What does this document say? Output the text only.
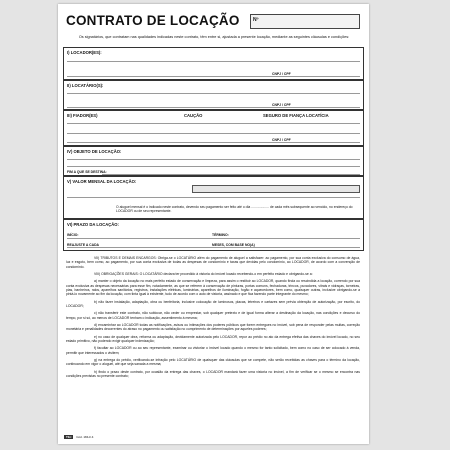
CONTRATO DE LOCAÇÃO	Nº
Os signatários, que contratam nas qualidades indicadas neste contrato, têm entre si, ajustada a presente locação, mediante as seguintes cláusulas e condições:
I) LOCADOR(ES):
CNPJ / CPF
II) LOCATÁRIO(S):
CNPJ / CPF
III) FIADOR(ES)	CAUÇÃO	SEGURO DE FIANÇA LOCATÍCIA
CNPJ / CPF
IV) OBJETO DE LOCAÇÃO:
FIM A QUE SE DESTINA:
V) VALOR MENSAL DA LOCAÇÃO:
O aluguel mensal é o indicado neste contrato, devendo seu pagamento ser feito até o dia ................... de cada mês subsequente ao vencido, no endereço do LOCADOR ou de seu representante.
VI) PRAZO DA LOCAÇÃO:
INÍCIO:	TÉRMINO:
REAJUSTE A CADA	MESES, COM BASE NO(A)

VII) TRIBUTOS E DEMAIS ENCARGOS: Obriga-se o LOCATÁRIO além do pagamento de aluguel a satisfazer: ao pagamento, por sua conta exclusiva do consumo de água, luz e esgoto, bem como, ao pagamento, por sua conta exclusiva de todas as despesas de condomínio e taxas que devidas pelo condomínio, ao LOCADOR, de acordo com a convenção de condomínio.

VIII) OBRIGAÇÕES GERAIS: O LOCATÁRIO declara ter procedido à vistoria do imóvel locado recebendo-o em perfeito estado e obrigando-se a:

a) manter o objeto da locação no mais perfeito estado de conservação e limpeza, para assim o restituir ao LOCADOR, quando finda ou rescindida a locação, correndo por sua conta exclusiva as despesas necessárias para esse fim, notadamente, as que se referem à conservação de pinturas, portas comuns, fechaduras, trincos, puxadores, vitrais e vidraças, torneiras, pias, banheiros, ralos, aparelhos sanitários, registros, instalações elétricas, luminárias, aparelhos de iluminação, fogão e aquecedores, bem como, quaisquer outras, inclusive obrigando-se a pintá-lo novamente ao fim da locação, com tinta igual à existente, tudo de acordo com o auto de vistoria, assinado e que fica fazendo parte integrante do mesmo;

b) não fazer instalação, adaptação, obra ou benfeitoria, inclusive colocação de luminosos, placas, letreiros e cartazes sem prévia obtenção de autorização, por escrito, do LOCADOR;

c) não transferir este contrato, não sublocar, não ceder ou emprestar, sob qualquer pretexto e de igual forma alterar a destinação da locação, nas condições e decurso do tempo, por si só, ao menos de LOCADOR tenham o indicação, assentimento à mesma;

d) encaminhar ao LOCADOR todas as notificações, avisos ou intimações dos poderes públicos que forem entregues no imóvel, sob pena de responder pelas multas, correção monetária e penalidades decorrentes do atraso no pagamento ou satisfação no cumprimento de determinações por aqueles poderes;

e) no caso de qualquer obra, reforma ou adaptação, devidamente autorizada pelo LOCADOR, repor ao prédio no ato da entrega efetiva das chaves do imóvel locado, no seu estado primitivo, não podendo exigir qualquer indenização;

f) facultar ao LOCADOR ou ao seu representante, examinar ou vistoriar o imóvel locado quando o mesmo for tanto solicitado, bem como no caso de ser colocado à venda, permitir que interessados o visitem;

g) na entrega do prédio, verificando-se infração pelo LOCATÁRIO de quaisquer das cláusulas que se compete, não serão recebidas as chaves para o término da locação, continuando em vigor o aluguel, até que seja sanada a mesma;

h) findo o prazo deste contrato, por ocasião da entrega das chaves, o LOCADOR mandará fazer uma vistoria no imóvel, a fim de verificar se o mesmo se encontra nas condições previstas no presente contrato;

TILI Cód. 184-F.4
